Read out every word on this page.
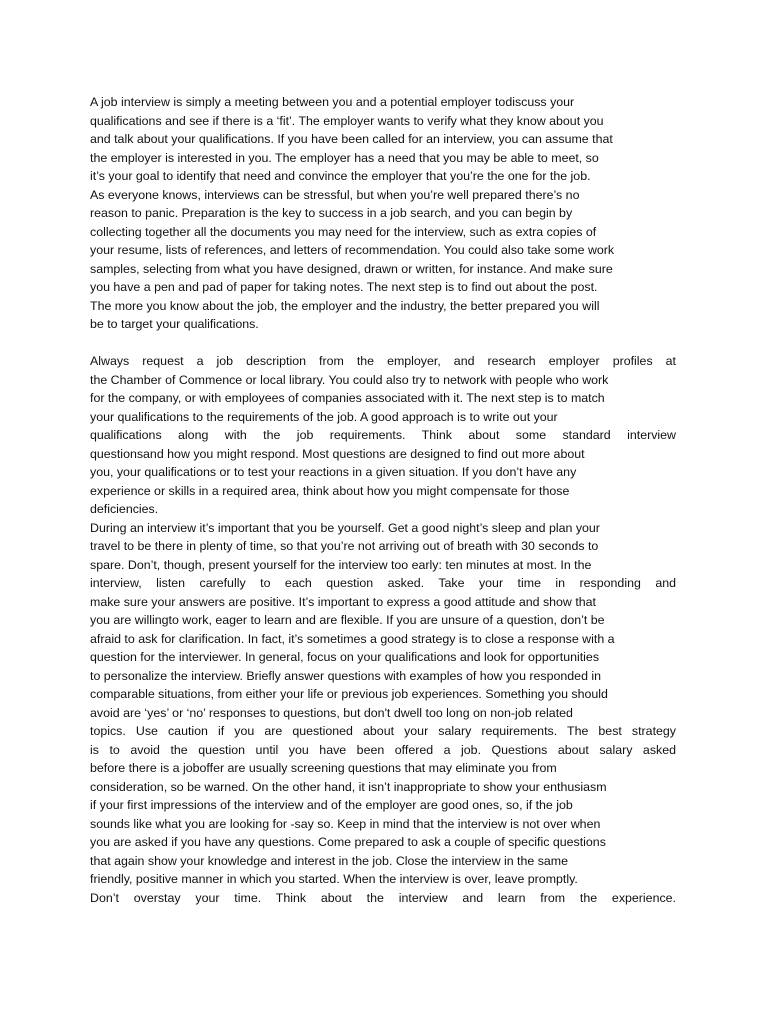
A job interview is simply a meeting between you and a potential employer todiscuss your
qualifications and see if there is a ‘fit’. The employer wants to verify what they know about you
and talk about your qualifications. If you have been called for an interview, you can assume that
the employer is interested in you. The employer has a need that you may be able to meet, so
it’s your goal to identify that need and convince the employer that you’re the one for the job.
As everyone knows, interviews can be stressful, but when you’re well prepared there’s no
reason to panic. Preparation is the key to success in a job search, and you can begin by
collecting together all the documents you may need for the interview, such as extra copies of
your resume, lists of references, and letters of recommendation. You could also take some work
samples, selecting from what you have designed, drawn or written, for instance. And make sure
you have a pen and pad of paper for taking notes. The next step is to find out about the post.
The more you know about the job, the employer and the industry, the better prepared you will
be to target your qualifications.
Always request a job description from the employer, and research employer profiles at
the Chamber of Commence or local library. You could also try to network with people who work
for the company, or with employees of companies associated with it. The next step is to match
your qualifications to the requirements of the job. A good approach is to write out your
qualifications along with the job requirements. Think about some standard interview
questionsand how you might respond. Most questions are designed to find out more about
you, your qualifications or to test your reactions in a given situation. If you don’t have any
experience or skills in a required area, think about how you might compensate for those
deficiencies.
During an interview it’s important that you be yourself. Get a good night’s sleep and plan your
travel to be there in plenty of time, so that you’re not arriving out of breath with 30 seconds to
spare. Don’t, though, present yourself for the interview too early: ten minutes at most. In the
interview, listen carefully to each question asked. Take your time in responding and
make sure your answers are positive. It’s important to express a good attitude and show that
you are willingto work, eager to learn and are flexible. If you are unsure of a question, don’t be
afraid to ask for clarification. In fact, it’s sometimes a good strategy is to close a response with a
question for the interviewer. In general, focus on your qualifications and look for opportunities
to personalize the interview. Briefly answer questions with examples of how you responded in
comparable situations, from either your life or previous job experiences. Something you should
avoid are ‘yes’ or ‘no’ responses to questions, but don't dwell too long on non-job related
topics. Use caution if you are questioned about your salary requirements. The best strategy
is to avoid the question until you have been offered a job. Questions about salary asked
before there is a joboffer are usually screening questions that may eliminate you from
consideration, so be warned. On the other hand, it isn’t inappropriate to show your enthusiasm
if your first impressions of the interview and of the employer are good ones, so, if the job
sounds like what you are looking for -say so. Keep in mind that the interview is not over when
you are asked if you have any questions. Come prepared to ask a couple of specific questions
that again show your knowledge and interest in the job. Close the interview in the same
friendly, positive manner in which you started. When the interview is over, leave promptly.
Don’t overstay your time. Think about the interview and learn from the experience.
